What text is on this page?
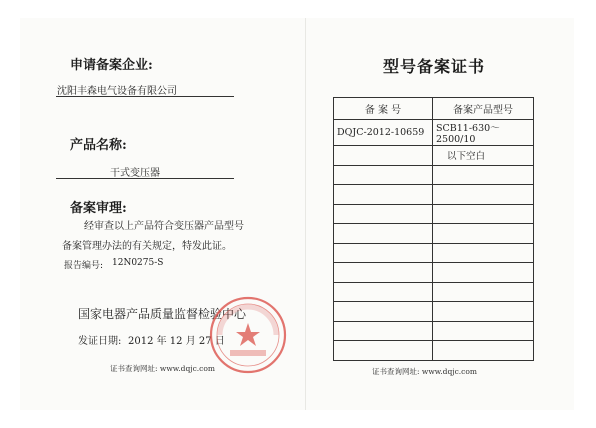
申请备案企业:
沈阳丰森电气设备有限公司
产品名称:
干式变压器
备案审理:
经审查以上产品符合变压器产品型号
备案管理办法的有关规定，特发此证。
报告编号: 12N0275-S
国家电器产品质量监督检验中心
发证日期: 2012 年 12 月 27 日
证书查询网址: www.dqjc.com
型号备案证书
备 案 号	备案产品型号
DQJC-2012-10659	SCB11-630～2500/10
	以下空白

证书查询网址: www.dqjc.com
